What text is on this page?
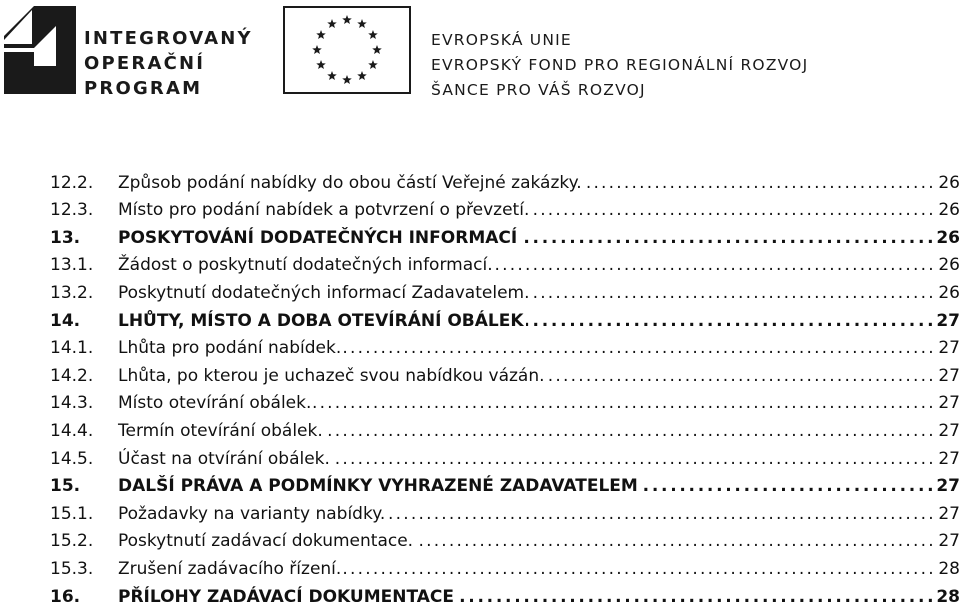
INTEGROVANÝ
OPERAČNÍ
PROGRAM
EVROPSKÁ UNIE
EVROPSKÝ FOND PRO REGIONÁLNÍ ROZVOJ
ŠANCE PRO VÁŠ ROZVOJ
12.2.	Způsob podání nabídky do obou částí Veřejné zakázky. . . .	26
12.3.	Místo pro podání nabídek a potvrzení o převzetí. . . .	26
13.	POSKYTOVÁNÍ DODATEČNÝCH INFORMACÍ . . .	26
13.1.	Žádost o poskytnutí dodatečných informací. . . .	26
13.2.	Poskytnutí dodatečných informací Zadavatelem. . . .	26
14.	LHŮTY, MÍSTO A DOBA OTEVÍRÁNÍ OBÁLEK . . .	27
14.1.	Lhůta pro podání nabídek. . . .	27
14.2.	Lhůta, po kterou je uchazeč svou nabídkou vázán. . . .	27
14.3.	Místo otevírání obálek. . . .	27
14.4.	Termín otevírání obálek. . . .	27
14.5.	Účast na otvírání obálek. . . .	27
15.	DALŠÍ PRÁVA A PODMÍNKY VYHRAZENÉ ZADAVATELEM . . .	27
15.1.	Požadavky na varianty nabídky. . . .	27
15.2.	Poskytnutí zadávací dokumentace. . . .	27
15.3.	Zrušení zadávacího řízení. . . .	28
16.	PŘÍLOHY ZADÁVACÍ DOKUMENTACE . . .	28
